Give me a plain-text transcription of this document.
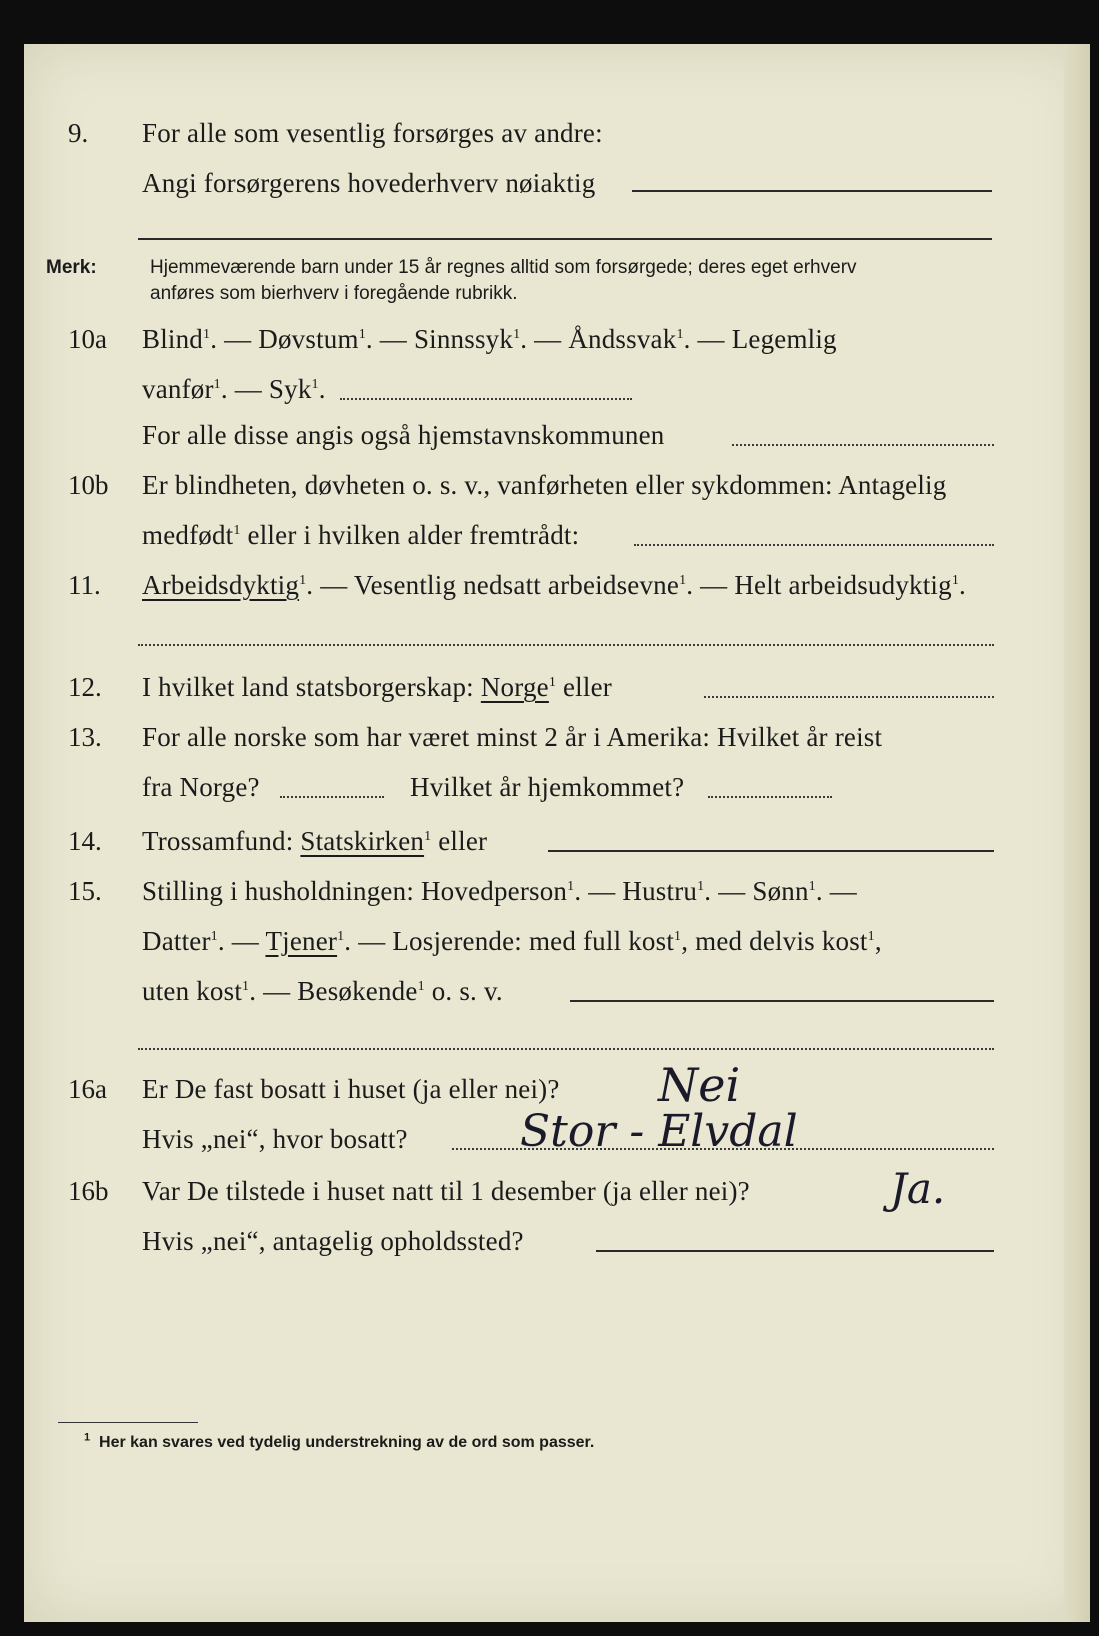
9. For alle som vesentlig forsørges av andre:
Angi forsørgerens hovederhverv nøiaktig
Merk:	Hjemmeværende barn under 15 år regnes alltid som forsørgede; deres eget erhverv
anføres som bierhverv i foregående rubrikk.
10a Blind$^1$. — Døvstum$^1$. — Sinnssyk$^1$. — Åndssvak$^1$. — Legemlig
vanfør$^1$. — Syk$^1$.
For alle disse angis også hjemstavnskommunen
10b Er blindheten, døvheten o. s. v., vanførheten eller sykdommen: Antagelig
medfødt$^1$ eller i hvilken alder fremtrådt:
11. Arbeidsdyktig$^1$. — Vesentlig nedsatt arbeidsevne$^1$. — Helt arbeidsudyktig$^1$.
12. I hvilket land statsborgerskap: Norge$^1$ eller
13. For alle norske som har været minst 2 år i Amerika: Hvilket år reist
fra Norge?	Hvilket år hjemkommet?
14. Trossamfund: Statskirken$^1$ eller
15. Stilling i husholdningen: Hovedperson$^1$. — Hustru$^1$. — Sønn$^1$. —
Datter$^1$. — Tjener$^1$. — Losjerende: med full kost$^1$, med delvis kost$^1$,
uten kost$^1$. — Besøkende$^1$ o. s. v.
16a Er De fast bosatt i huset (ja eller nei)? Nei
Hvis „nei“, hvor bosatt?	Stor - Elvdal
16b Var De tilstede i huset natt til 1 desember (ja eller nei)?	Ja.
Hvis „nei“, antagelig opholdssted?
$^1$ Her kan svares ved tydelig understrekning av de ord som passer.
